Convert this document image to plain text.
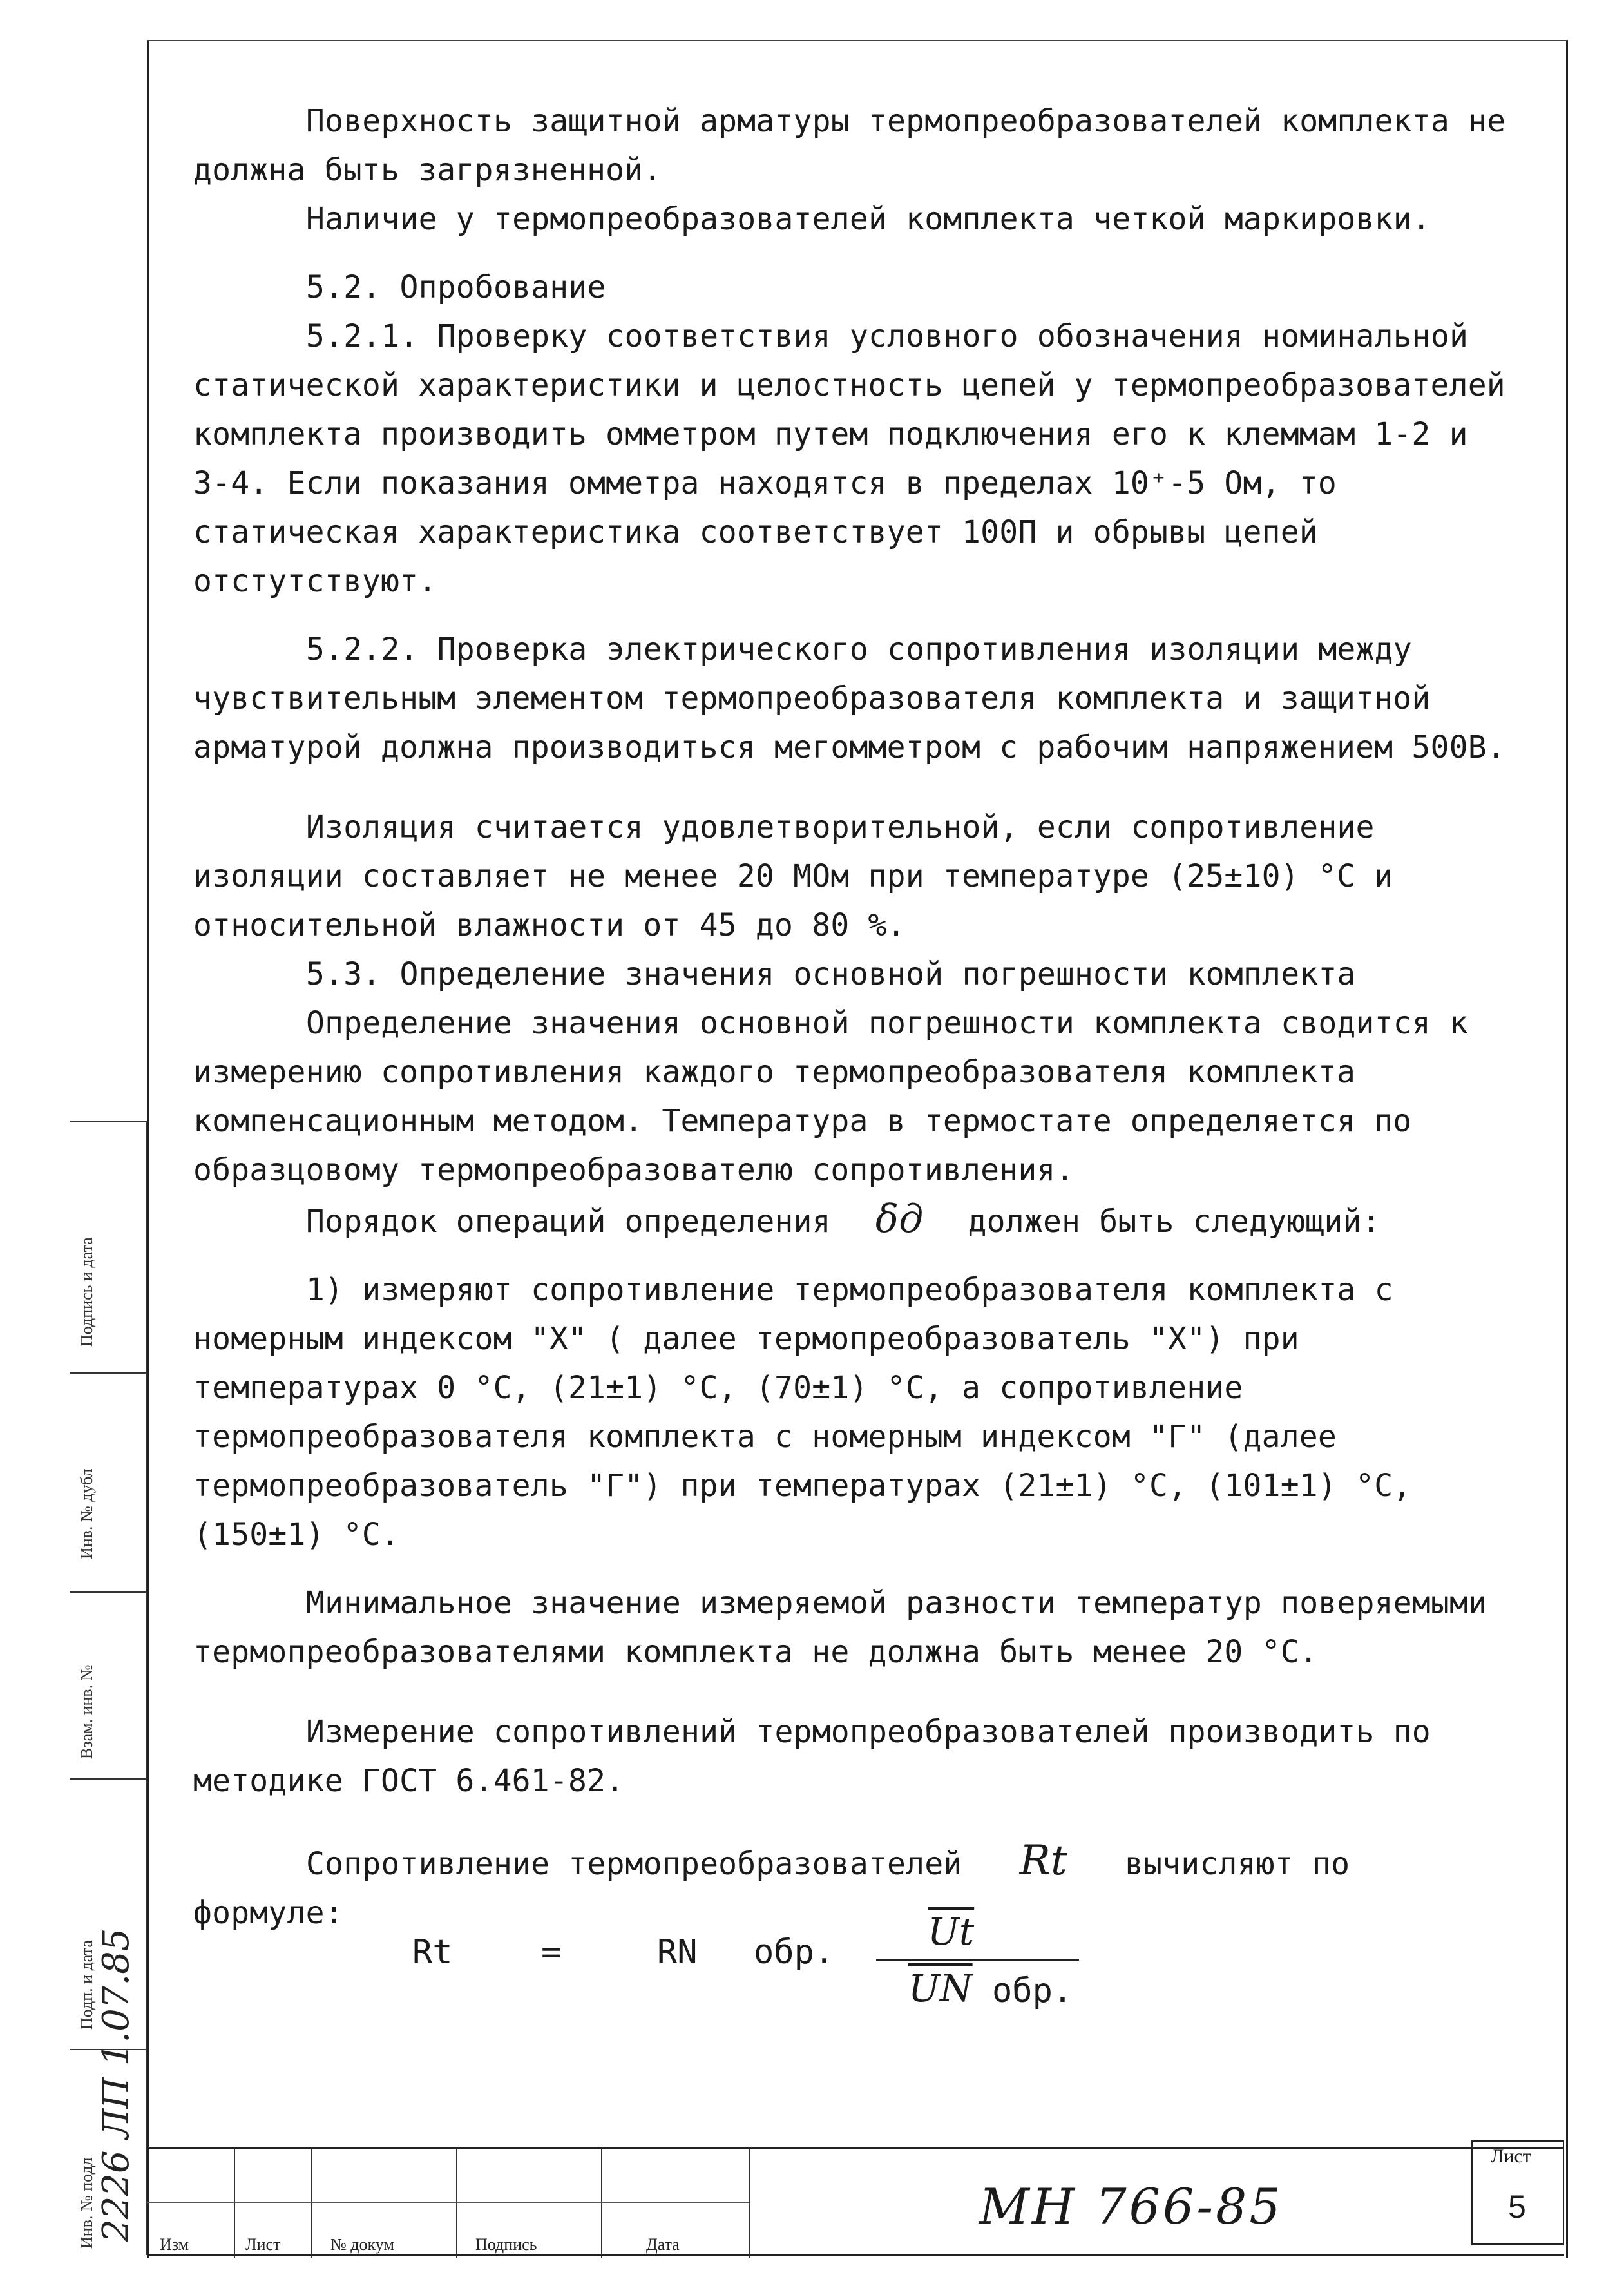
Поверхность защитной арматуры термопреобразователей комплекта не должна быть загрязненной.

Наличие у термопреобразователей комплекта четкой маркировки.

5.2. Опробование

5.2.1. Проверку соответствия условного обозначения номинальной статической характеристики и целостность цепей у термопреобразователей комплекта производить омметром путем подключения его к клеммам 1-2 и 3-4. Если показания омметра находятся в пределах 10⁺-5 Ом, то статическая характеристика соответствует 100П и обрывы цепей отстутствуют.

5.2.2. Проверка электрического сопротивления изоляции между чувствительным элементом термопреобразователя комплекта и защитной арматурой должна производиться мегомметром с рабочим напряжением 500В.

Изоляция считается удовлетворительной, если сопротивление изоляции составляет не менее 20 МОм при температуре (25±10) °С и относительной влажности от 45 до 80 %.

5.3. Определение значения основной погрешности комплекта

Определение значения основной погрешности комплекта сводится к измерению сопротивления каждого термопреобразователя комплекта компенсационным методом. Температура в термостате определяется по образцовому термопреобразователю сопротивления.

Порядок операций определения δд должен быть следующий:

1) измеряют сопротивление термопреобразователя комплекта с номерным индексом "Х" ( далее термопреобразователь "Х") при температурах 0 °С, (21±1) °С, (70±1) °С, а сопротивление термопреобразователя комплекта с номерным индексом "Г" (далее термопреобразователь "Г") при температурах (21±1) °С, (101±1) °С, (150±1) °С.

Минимальное значение измеряемой разности температур поверяемыми термопреобразователями комплекта не должна быть менее 20 °С.

Измерение сопротивлений термопреобразователей производить по методике ГОСТ 6.461-82.

Сопротивление термопреобразователей Rt вычисляют по

формуле:

Rt	=	RN обр. $\overline{Ut}$
$\overline{UN}$ обр.
Подпись и дата
Инв. № дубл
Взам. инв. №
Подп. и дата
Инв. № подл 2226 ЛП 1.07.85
Изм	Лист	№ докум	Подпись	Дата
МН 766-85
Лист
5
